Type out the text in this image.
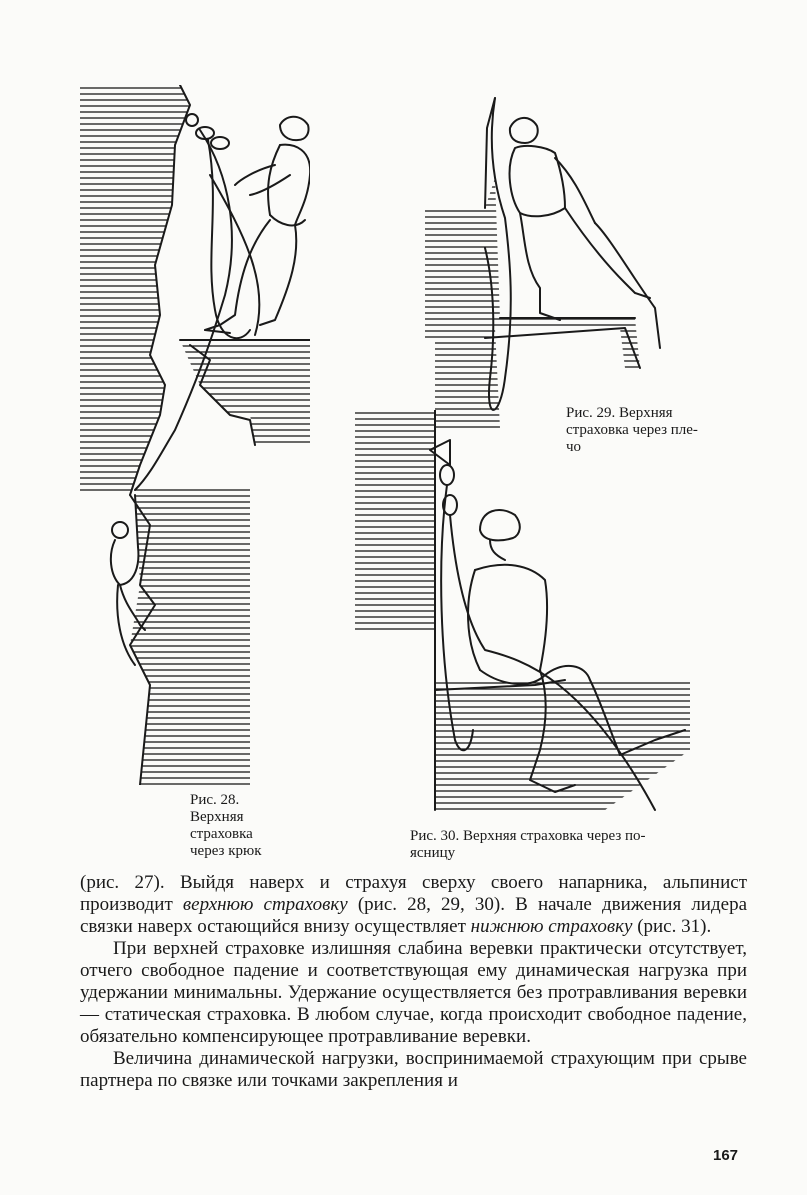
Рис. 29. Верхняя
страховка через пле-
чо
Рис. 28.
Верхняя
страховка
через крюк
Рис. 30. Верхняя страховка через по-
ясницу

(рис. 27). Выйдя наверх и страхуя сверху своего напарника, альпинист производит верхнюю страховку (рис. 28, 29, 30). В начале движения лидера связки наверх остающийся внизу осуществляет нижнюю страховку (рис. 31).

При верхней страховке излишняя слабина веревки практически отсутствует, отчего свободное падение и соответствующая ему динамическая нагрузка при удержании минимальны. Удержание осуществляется без протравливания веревки — статическая страховка. В любом случае, когда происходит свободное падение, обязательно компенсирующее протравливание веревки.

Величина динамической нагрузки, воспринимаемой страхующим при срыве партнера по связке или точками закрепления и

167
